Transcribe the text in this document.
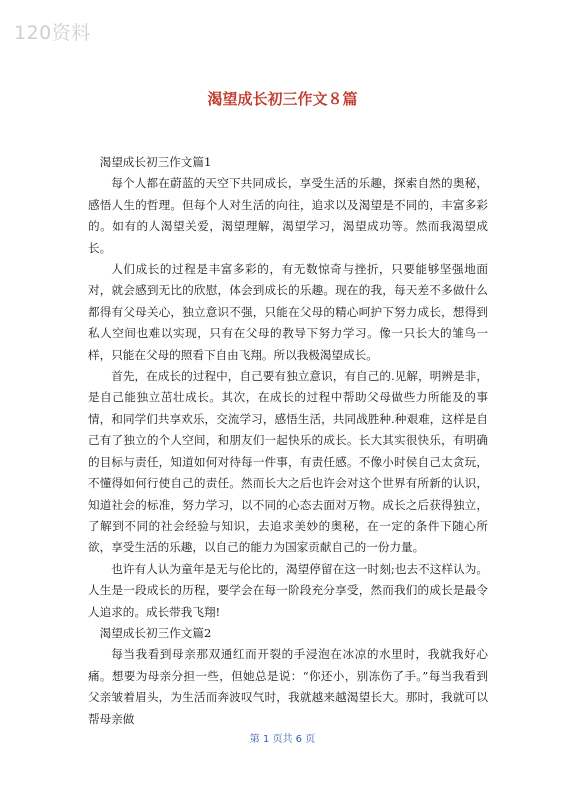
120资料
渴望成长初三作文８篇

渴望成长初三作文篇1

每个人都在蔚蓝的天空下共同成长，享受生活的乐趣，探索自然的奥秘，感悟人生的哲理。但每个人对生活的向往，追求以及渴望是不同的，丰富多彩的。如有的人渴望关爱，渴望理解，渴望学习，渴望成功等。然而我渴望成长。

人们成长的过程是丰富多彩的，有无数惊奇与挫折，只要能够坚强地面对，就会感到无比的欣慰，体会到成长的乐趣。现在的我，每天差不多做什么都得有父母关心，独立意识不强，只能在父母的精心呵护下努力成长，想得到私人空间也难以实现，只有在父母的教导下努力学习。像一只长大的雏鸟一样，只能在父母的照看下自由飞翔。所以我极渴望成长。

首先，在成长的过程中，自己要有独立意识，有自己的.见解，明辨是非，是自己能独立茁壮成长。其次，在成长的过程中帮助父母做些力所能及的事情，和同学们共享欢乐，交流学习，感悟生活，共同战胜种.种艰难，这样是自己有了独立的个人空间，和朋友们一起快乐的成长。长大其实很快乐，有明确的目标与责任，知道如何对待每一件事，有责任感。不像小时侯自己太贪玩，不懂得如何行使自己的责任。然而长大之后也许会对这个世界有所新的认识，知道社会的标准，努力学习，以不同的心态去面对万物。成长之后获得独立，了解到不同的社会经验与知识，去追求美妙的奥秘，在一定的条件下随心所欲，享受生活的乐趣，以自己的能力为国家贡献自己的一份力量。

也许有人认为童年是无与伦比的，渴望停留在这一时刻;也去不这样认为。人生是一段成长的历程，要学会在每一阶段充分享受，然而我们的成长是最令人追求的。成长带我飞翔!

渴望成长初三作文篇2

每当我看到母亲那双通红而开裂的手浸泡在冰凉的水里时，我就我好心痛。想要为母亲分担一些，但她总是说：“你还小，别冻伤了手。”每当我看到父亲皱着眉头，为生活而奔波叹气时，我就越来越渴望长大。那时，我就可以帮母亲做

第 1 页共 6 页
